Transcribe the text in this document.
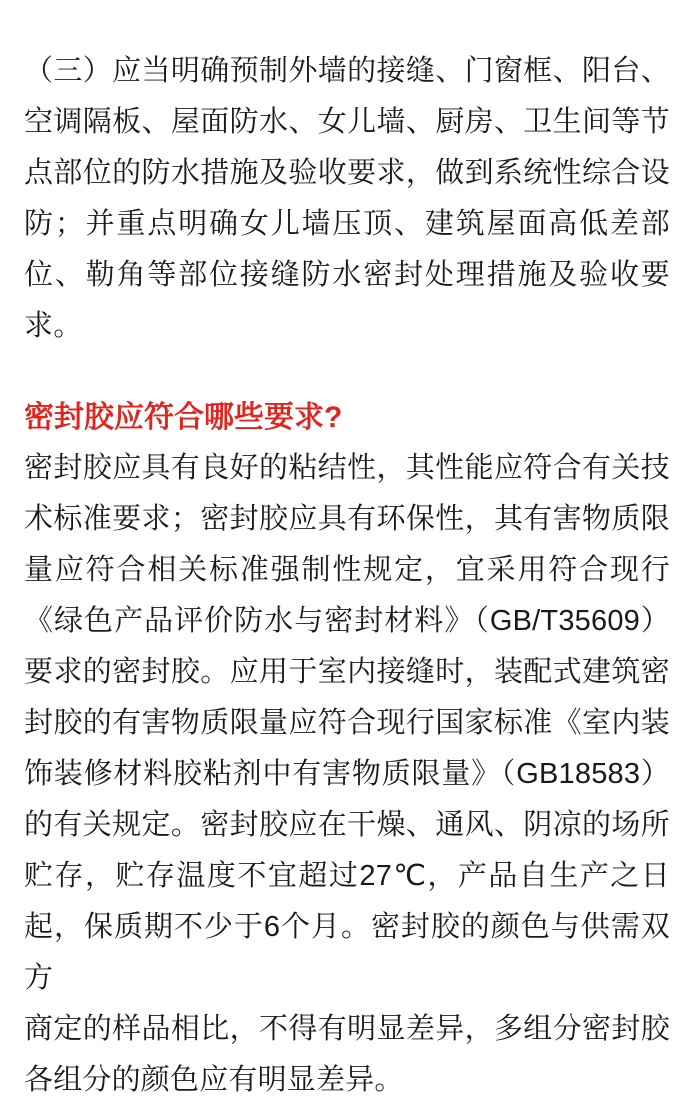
（三）应当明确预制外墙的接缝、门窗框、阳台、
空调隔板、屋面防水、女儿墙、厨房、卫生间等节
点部位的防水措施及验收要求，做到系统性综合设
防；并重点明确女儿墙压顶、建筑屋面高低差部
位、勒角等部位接缝防水密封处理措施及验收要
求。
密封胶应符合哪些要求?
密封胶应具有良好的粘结性，其性能应符合有关技
术标准要求；密封胶应具有环保性，其有害物质限
量应符合相关标准强制性规定，宜采用符合现行
《绿色产品评价防水与密封材料》（GB/T35609）
要求的密封胶。应用于室内接缝时，装配式建筑密
封胶的有害物质限量应符合现行国家标准《室内装
饰装修材料胶粘剂中有害物质限量》（GB18583）
的有关规定。密封胶应在干燥、通风、阴凉的场所
贮存，贮存温度不宜超过27℃，产品自生产之日
起，保质期不少于6个月。密封胶的颜色与供需双方
商定的样品相比，不得有明显差异，多组分密封胶
各组分的颜色应有明显差异。
